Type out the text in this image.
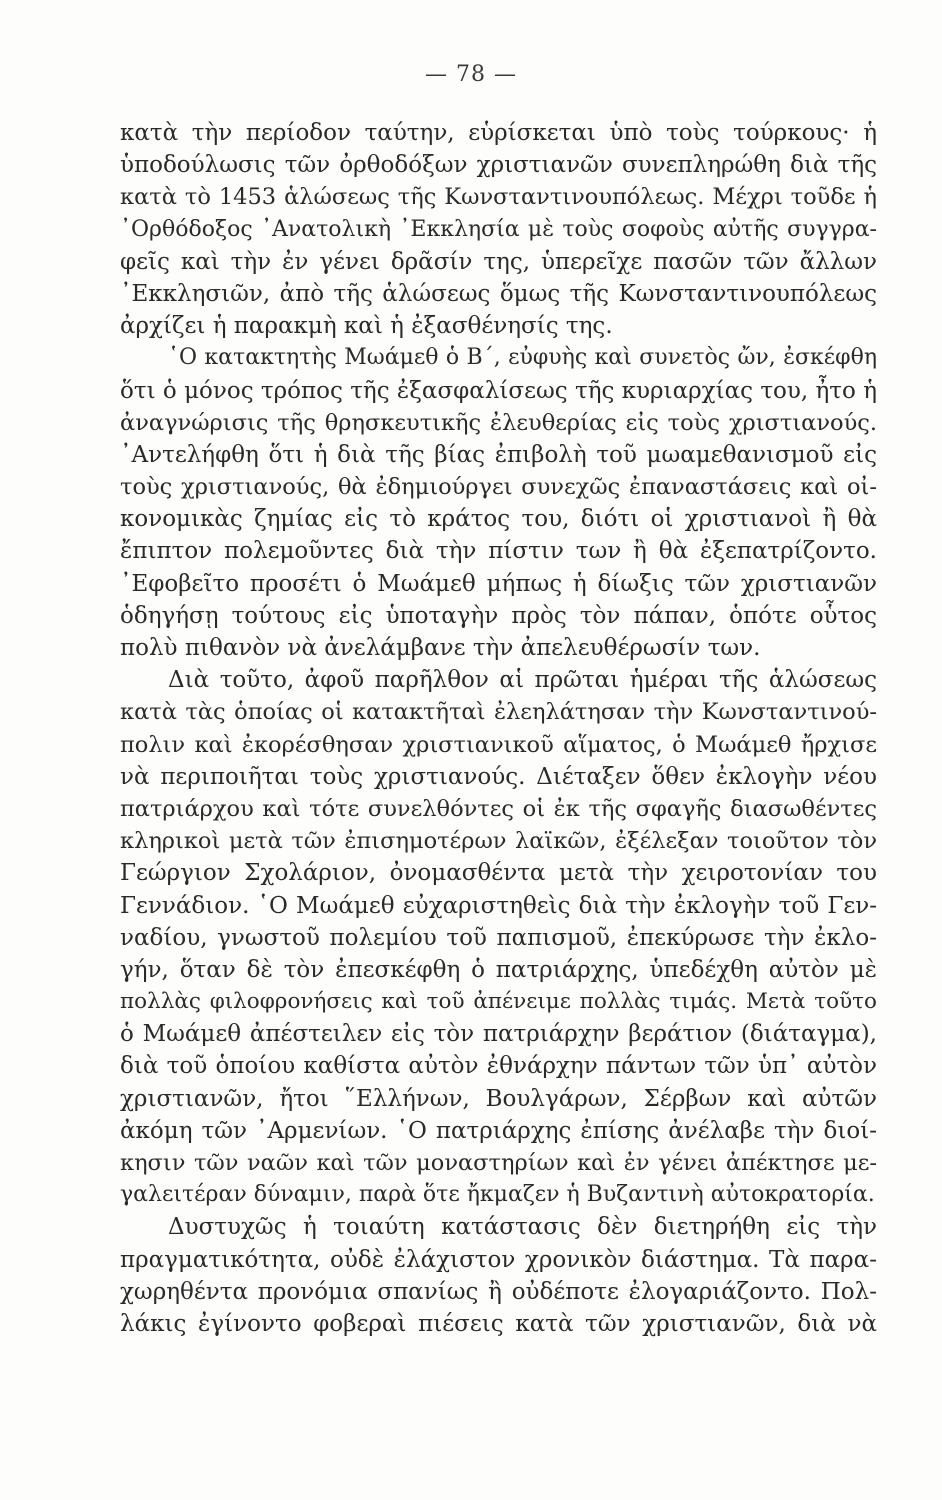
— 78 —
κατὰ τὴν περίοδον ταύτην, εὑρίσκεται ὑπὸ τοὺς τούρκους· ἡ
ὑποδούλωσις τῶν ὀρθοδόξων χριστιανῶν συνεπληρώθη διὰ τῆς
κατὰ τὸ 1453 ἁλώσεως τῆς Κωνσταντινουπόλεως. Μέχρι τοῦδε ἡ
᾿Ορθόδοξος ᾿Ανατολικὴ ᾿Εκκλησία μὲ τοὺς σοφοὺς αὐτῆς συγγρα-
φεῖς καὶ τὴν ἐν γένει δρᾶσίν της, ὑπερεῖχε πασῶν τῶν ἄλλων
᾿Εκκλησιῶν, ἀπὸ τῆς ἁλώσεως ὅμως τῆς Κωνσταντινουπόλεως
ἀρχίζει ἡ παρακμὴ καὶ ἡ ἐξασθένησίς της.
῾Ο κατακτητὴς Μωάμεθ ὁ Β΄, εὐφυὴς καὶ συνετὸς ὤν, ἐσκέφθη
ὅτι ὁ μόνος τρόπος τῆς ἐξασφαλίσεως τῆς κυριαρχίας του, ἦτο ἡ
ἀναγνώρισις τῆς θρησκευτικῆς ἐλευθερίας εἰς τοὺς χριστιανούς.
᾿Αντελήφθη ὅτι ἡ διὰ τῆς βίας ἐπιβολὴ τοῦ μωαμεθανισμοῦ εἰς
τοὺς χριστιανούς, θὰ ἐδημιούργει συνεχῶς ἐπαναστάσεις καὶ οἰ-
κονομικὰς ζημίας εἰς τὸ κράτος του, διότι οἱ χριστιανοὶ ἢ θὰ
ἔπιπτον πολεμοῦντες διὰ τὴν πίστιν των ἢ θὰ ἐξεπατρίζοντο.
᾿Εφοβεῖτο προσέτι ὁ Μωάμεθ μήπως ἡ δίωξις τῶν χριστιανῶν
ὁδηγήσῃ τούτους εἰς ὑποταγὴν πρὸς τὸν πάπαν, ὁπότε οὗτος
πολὺ πιθανὸν νὰ ἀνελάμβανε τὴν ἀπελευθέρωσίν των.
Διὰ τοῦτο, ἀφοῦ παρῆλθον αἱ πρῶται ἡμέραι τῆς ἁλώσεως
κατὰ τὰς ὁποίας οἱ κατακτῆταὶ ἐλεηλάτησαν τὴν Κωνσταντινού-
πολιν καὶ ἐκορέσθησαν χριστιανικοῦ αἵματος, ὁ Μωάμεθ ἤρχισε
νὰ περιποιῆται τοὺς χριστιανούς. Διέταξεν ὅθεν ἐκλογὴν νέου
πατριάρχου καὶ τότε συνελθόντες οἱ ἐκ τῆς σφαγῆς διασωθέντες
κληρικοὶ μετὰ τῶν ἐπισημοτέρων λαϊκῶν, ἐξέλεξαν τοιοῦτον τὸν
Γεώργιον Σχολάριον, ὀνομασθέντα μετὰ τὴν χειροτονίαν του
Γεννάδιον. ῾Ο Μωάμεθ εὐχαριστηθεὶς διὰ τὴν ἐκλογὴν τοῦ Γεν-
ναδίου, γνωστοῦ πολεμίου τοῦ παπισμοῦ, ἐπεκύρωσε τὴν ἐκλο-
γήν, ὅταν δὲ τὸν ἐπεσκέφθη ὁ πατριάρχης, ὑπεδέχθη αὐτὸν μὲ
πολλὰς φιλοφρονήσεις καὶ τοῦ ἀπένειμε πολλὰς τιμάς. Μετὰ τοῦτο
ὁ Μωάμεθ ἀπέστειλεν εἰς τὸν πατριάρχην βεράτιον (διάταγμα),
διὰ τοῦ ὁποίου καθίστα αὐτὸν ἐθνάρχην πάντων τῶν ὑπ᾿ αὐτὸν
χριστιανῶν, ἤτοι ῞Ελλήνων, Βουλγάρων, Σέρβων καὶ αὐτῶν
ἀκόμη τῶν ᾿Αρμενίων. ῾Ο πατριάρχης ἐπίσης ἀνέλαβε τὴν διοί-
κησιν τῶν ναῶν καὶ τῶν μοναστηρίων καὶ ἐν γένει ἀπέκτησε με-
γαλειτέραν δύναμιν, παρὰ ὅτε ἤκμαζεν ἡ Βυζαντινὴ αὐτοκρατορία.
Δυστυχῶς ἡ τοιαύτη κατάστασις δὲν διετηρήθη εἰς τὴν
πραγματικότητα, οὐδὲ ἐλάχιστον χρονικὸν διάστημα. Τὰ παρα-
χωρηθέντα προνόμια σπανίως ἢ οὐδέποτε ἐλογαριάζοντο. Πολ-
λάκις ἐγίνοντο φοβεραὶ πιέσεις κατὰ τῶν χριστιανῶν, διὰ νὰ
